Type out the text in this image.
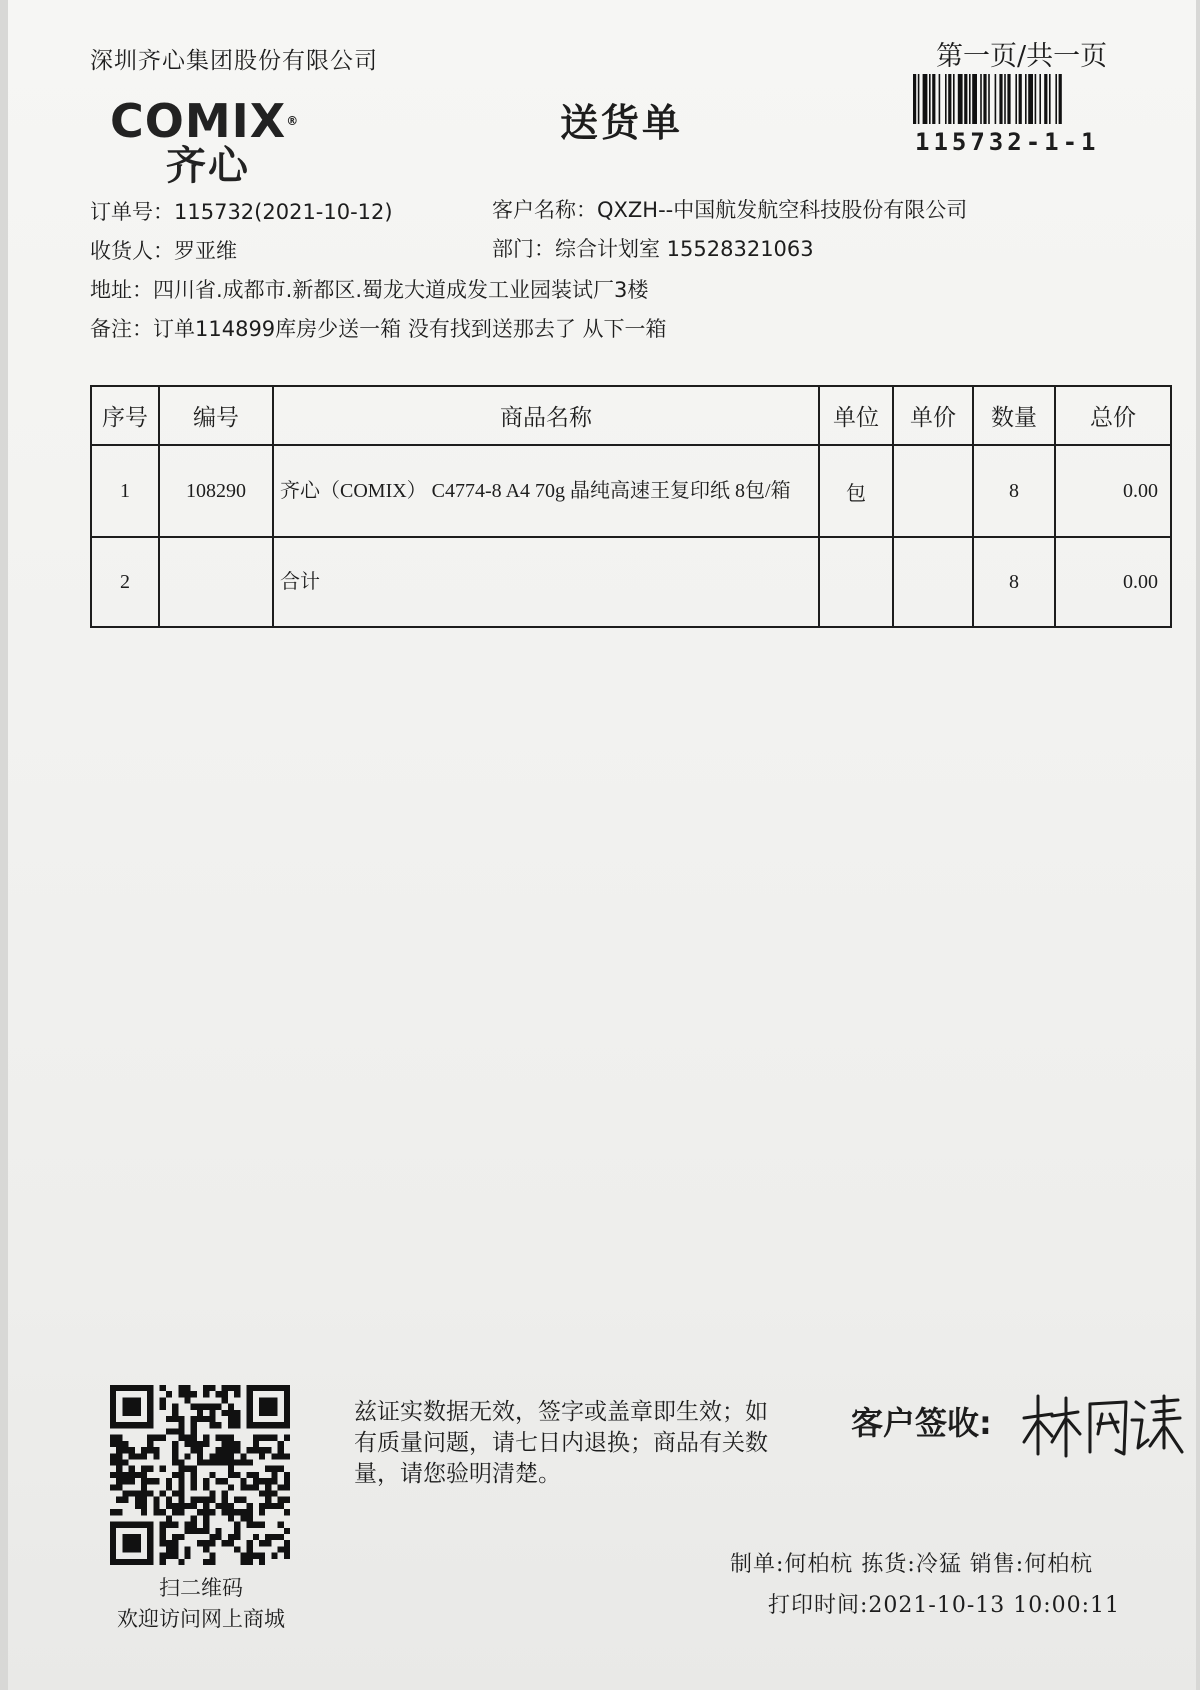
深圳齐心集团股份有限公司
COMIX®
齐心
送货单
第一页/共一页
115732-1-1
订单号：115732(2021-10-12)	客户名称：QXZH--中国航发航空科技股份有限公司
收货人：罗亚维	部门：综合计划室 15528321063
地址：四川省.成都市.新都区.蜀龙大道成发工业园装试厂3楼
备注：订单114899库房少送一箱 没有找到送那去了 从下一箱
序号	编号	商品名称	单位	单价	数量	总价
1	108290	齐心（COMIX） C4774-8 A4 70g 晶纯高速王复印纸 8包/箱	包		8	0.00
2		合计			8	0.00
扫二维码
欢迎访问网上商城
兹证实数据无效，签字或盖章即生效；如有质量问题，请七日内退换；商品有关数量，请您验明清楚。
客户签收:
制单:何柏杭 拣货:冷猛 销售:何柏杭
打印时间:2021-10-13 10:00:11
